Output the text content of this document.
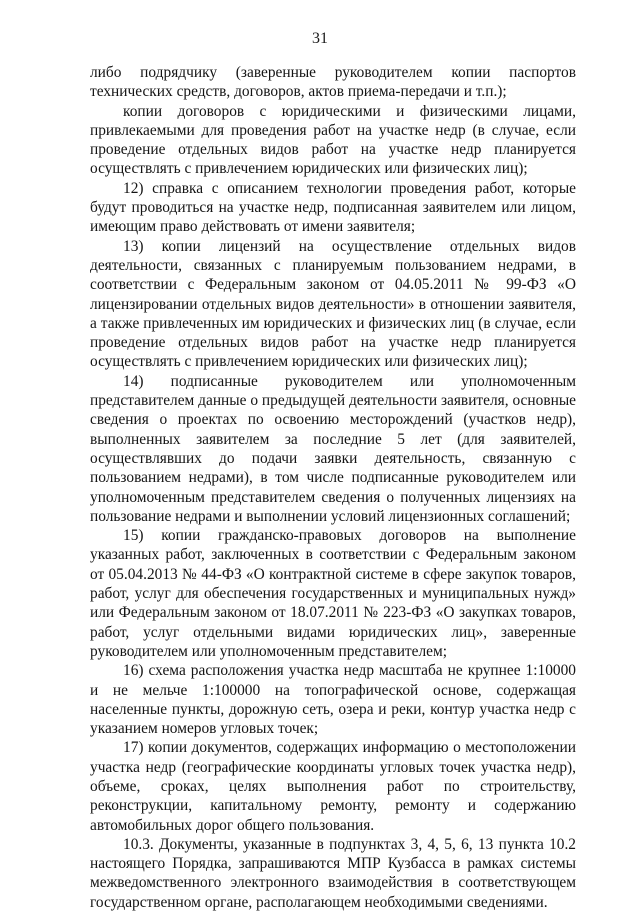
31

либо подрядчику (заверенные руководителем копии паспортов технических средств, договоров, актов приема-передачи и т.п.);

копии договоров с юридическими и физическими лицами, привлекаемыми для проведения работ на участке недр (в случае, если проведение отдельных видов работ на участке недр планируется осуществлять с привлечением юридических или физических лиц);

12) справка с описанием технологии проведения работ, которые будут проводиться на участке недр, подписанная заявителем или лицом, имеющим право действовать от имени заявителя;

13) копии лицензий на осуществление отдельных видов деятельности, связанных с планируемым пользованием недрами, в соответствии с Федеральным законом от 04.05.2011 № 99-ФЗ «О лицензировании отдельных видов деятельности» в отношении заявителя, а также привлеченных им юридических и физических лиц (в случае, если проведение отдельных видов работ на участке недр планируется осуществлять с привлечением юридических или физических лиц);

14) подписанные руководителем или уполномоченным представителем данные о предыдущей деятельности заявителя, основные сведения о проектах по освоению месторождений (участков недр), выполненных заявителем за последние 5 лет (для заявителей, осуществлявших до подачи заявки деятельность, связанную с пользованием недрами), в том числе подписанные руководителем или уполномоченным представителем сведения о полученных лицензиях на пользование недрами и выполнении условий лицензионных соглашений;

15) копии гражданско-правовых договоров на выполнение указанных работ, заключенных в соответствии с Федеральным законом от 05.04.2013 № 44-ФЗ «О контрактной системе в сфере закупок товаров, работ, услуг для обеспечения государственных и муниципальных нужд» или Федеральным законом от 18.07.2011 № 223-ФЗ «О закупках товаров, работ, услуг отдельными видами юридических лиц», заверенные руководителем или уполномоченным представителем;

16) схема расположения участка недр масштаба не крупнее 1:10000 и не мельче 1:100000 на топографической основе, содержащая населенные пункты, дорожную сеть, озера и реки, контур участка недр с указанием номеров угловых точек;

17) копии документов, содержащих информацию о местоположении участка недр (географические координаты угловых точек участка недр), объеме, сроках, целях выполнения работ по строительству, реконструкции, капитальному ремонту, ремонту и содержанию автомобильных дорог общего пользования.

10.3. Документы, указанные в подпунктах 3, 4, 5, 6, 13 пункта 10.2 настоящего Порядка, запрашиваются МПР Кузбасса в рамках системы межведомственного электронного взаимодействия в соответствующем государственном органе, располагающем необходимыми сведениями.
